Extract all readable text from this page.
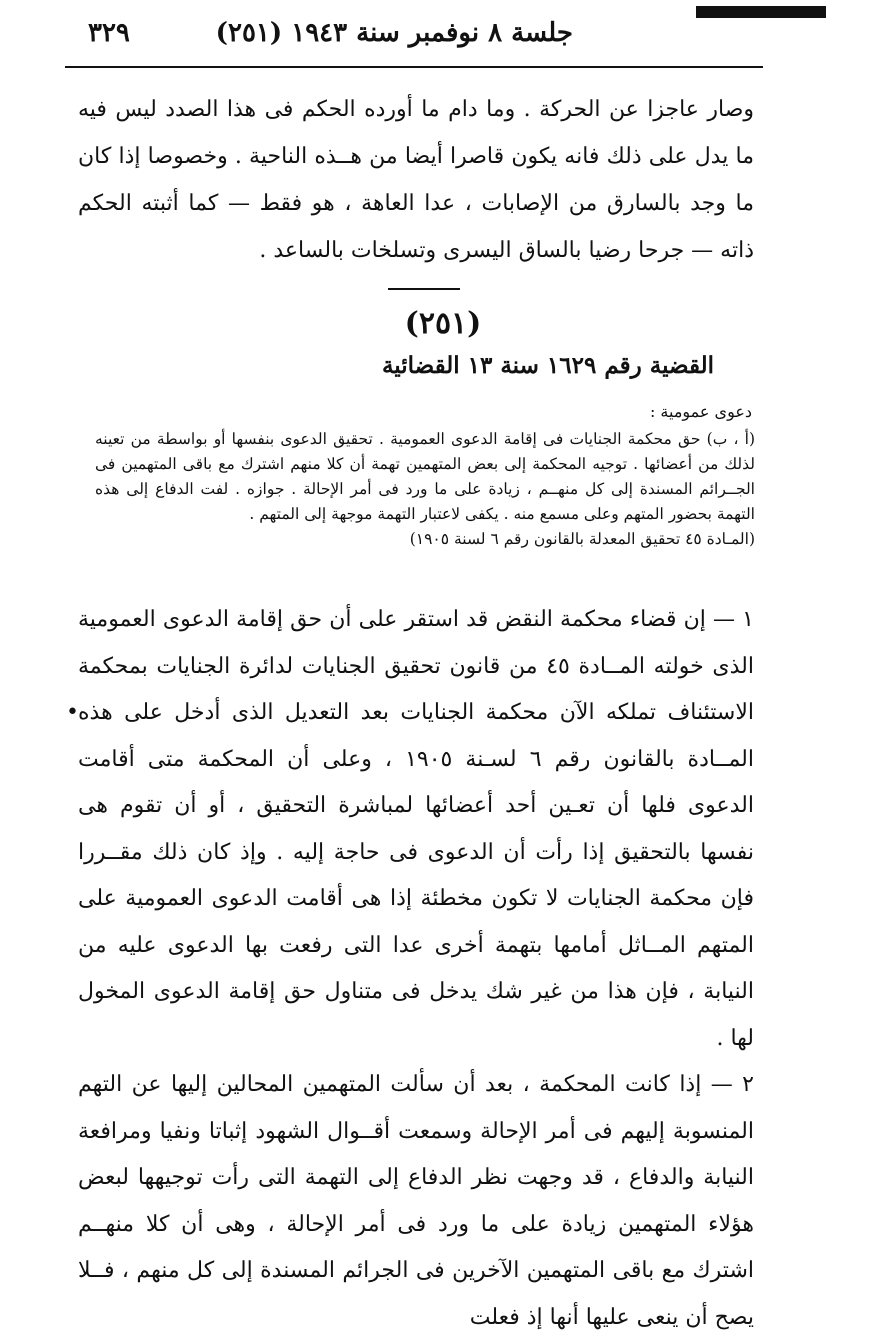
جلسة ٨ نوفمبر سنة ١٩٤٣ (٢٥١)
٣٢٩
وصار عاجزا عن الحركة . وما دام ما أورده الحكم فى هذا الصدد ليس فيه ما يدل على ذلك فانه يكون قاصرا أيضا من هــذه الناحية . وخصوصا إذا كان ما وجد بالسارق من الإصابات ، عدا العاهة ، هو فقط — كما أثبته الحكم ذاته — جرحا رضيا بالساق اليسرى وتسلخات بالساعد .
(٢٥١)
القضية رقم ١٦٢٩ سنة ١٣ القضائية
دعوى عمومية :
(أ ، ب) حق محكمة الجنايات فى إقامة الدعوى العمومية . تحقيق الدعوى بنفسها أو بواسطة من تعينه لذلك من أعضائها . توجيه المحكمة إلى بعض المتهمين تهمة أن كلا منهم اشترك مع باقى المتهمين فى الجــرائم المسندة إلى كل منهــم ، زيادة على ما ورد فى أمر الإحالة . جوازه . لفت الدفاع إلى هذه التهمة بحضور المتهم وعلى مسمع منه . يكفى لاعتبار التهمة موجهة إلى المتهم .
(المـادة ٤٥ تحقيق المعدلة بالقانون رقم ٦ لسنة ١٩٠٥)
١ — إن قضاء محكمة النقض قد استقر على أن حق إقامة الدعوى العمومية الذى خولته المــادة ٤٥ من قانون تحقيق الجنايات لدائرة الجنايات بمحكمة الاستئناف تملكه الآن محكمة الجنايات بعد التعديل الذى أدخل على هذه المــادة بالقانون رقم ٦ لسـنة ١٩٠٥ ، وعلى أن المحكمة متى أقامت الدعوى فلها أن تعـين أحد أعضائها لمباشرة التحقيق ، أو أن تقوم هى نفسها بالتحقيق إذا رأت أن الدعوى فى حاجة إليه . وإذ كان ذلك مقــررا فإن محكمة الجنايات لا تكون مخطئة إذا هى أقامت الدعوى العمومية على المتهم المــاثل أمامها بتهمة أخرى عدا التى رفعت بها الدعوى عليه من النيابة ، فإن هذا من غير شك يدخل فى متناول حق إقامة الدعوى المخول لها .
٢ — إذا كانت المحكمة ، بعد أن سألت المتهمين المحالين إليها عن التهم المنسوبة إليهم فى أمر الإحالة وسمعت أقــوال الشهود إثباتا ونفيا ومرافعة النيابة والدفاع ، قد وجهت نظر الدفاع إلى التهمة التى رأت توجيهها لبعض هؤلاء المتهمين زيادة على ما ورد فى أمر الإحالة ، وهى أن كلا منهــم اشترك مع باقى المتهمين الآخرين فى الجرائم المسندة إلى كل منهم ، فــلا يصح أن ينعى عليها أنها إذ فعلت
•
